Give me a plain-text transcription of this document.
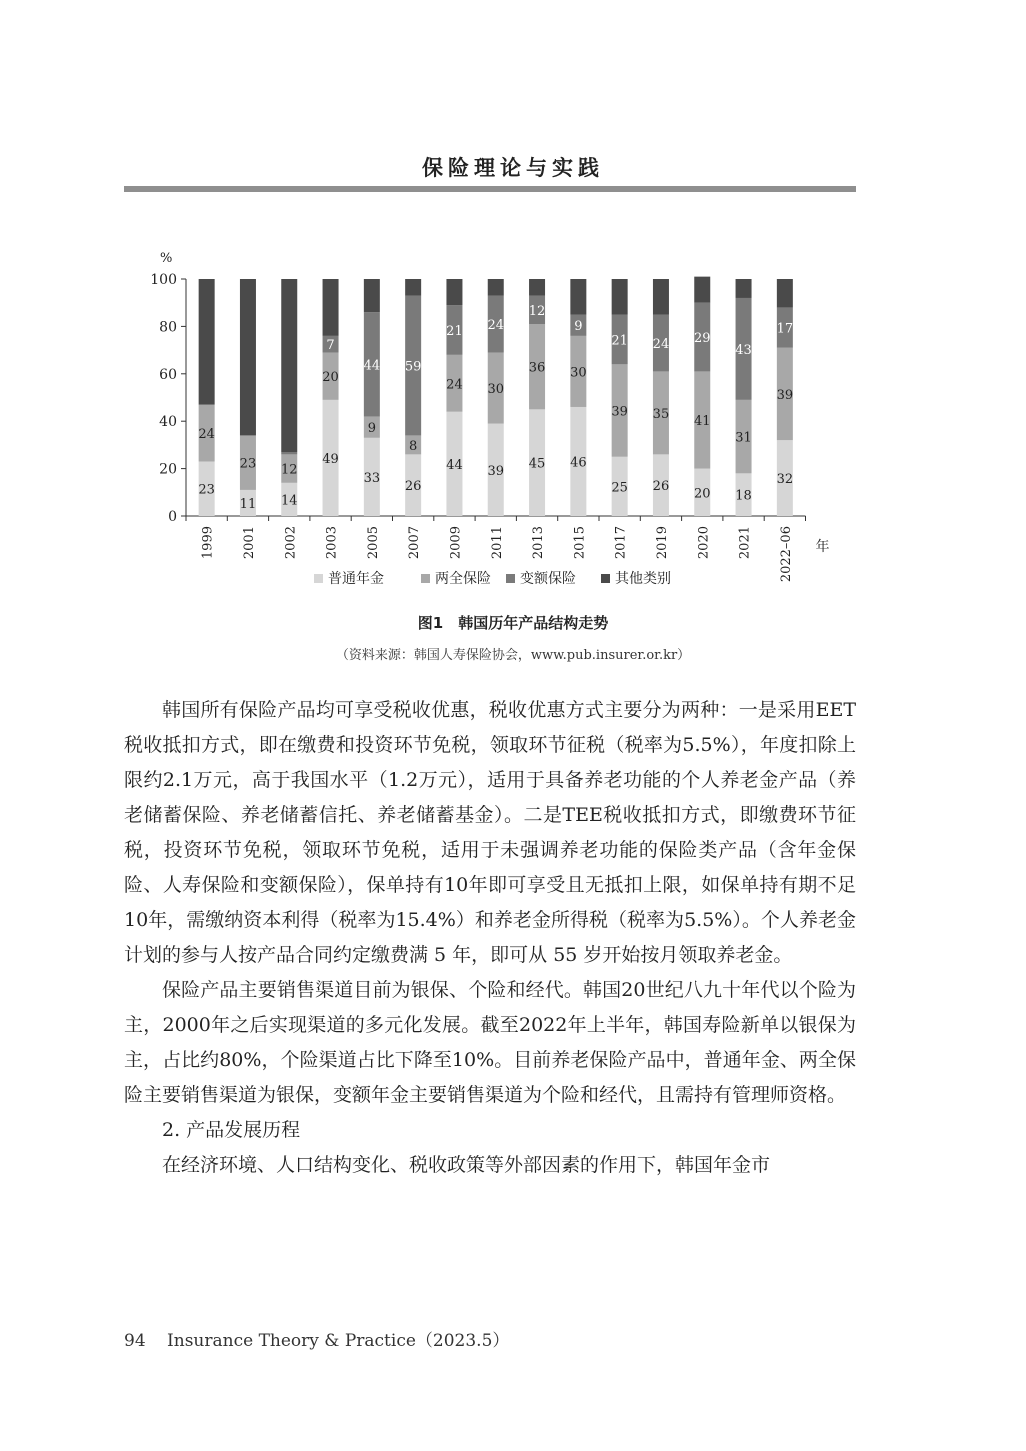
保险理论与实践
%
0
20
40
60
80
100
23
24
1999
11
23
2001
14
12
2002
49
20
7
2003
33
9
44
2005
26
8
59
2007
44
24
21
2009
39
30
24
2011
45
36
12
2013
46
30
9
2015
25
39
21
2017
26
35
24
2019
20
41
29
2020
18
31
43
2021
32
39
17
2022–06 年
普通年金	两全保险 变额保险	其他类别
图1　韩国历年产品结构走势
（资料来源：韩国人寿保险协会，www.pub.insurer.or.kr）

韩国所有保险产品均可享受税收优惠，税收优惠方式主要分为两种：一是采用EET税收抵扣方式，即在缴费和投资环节免税，领取环节征税（税率为5.5%），年度扣除上限约2.1万元，高于我国水平（1.2万元），适用于具备养老功能的个人养老金产品（养老储蓄保险、养老储蓄信托、养老储蓄基金）。二是TEE税收抵扣方式，即缴费环节征税，投资环节免税，领取环节免税，适用于未强调养老功能的保险类产品（含年金保险、人寿保险和变额保险），保单持有10年即可享受且无抵扣上限，如保单持有期不足10年，需缴纳资本利得（税率为15.4%）和养老金所得税（税率为5.5%）。个人养老金计划的参与人按产品合同约定缴费满 5 年，即可从 55 岁开始按月领取养老金。

保险产品主要销售渠道目前为银保、个险和经代。韩国20世纪八九十年代以个险为主，2000年之后实现渠道的多元化发展。截至2022年上半年，韩国寿险新单以银保为主，占比约80%，个险渠道占比下降至10%。目前养老保险产品中，普通年金、两全保险主要销售渠道为银保，变额年金主要销售渠道为个险和经代，且需持有管理师资格。

2. 产品发展历程

在经济环境、人口结构变化、税收政策等外部因素的作用下，韩国年金市

94 Insurance Theory & Practice（2023.5）
